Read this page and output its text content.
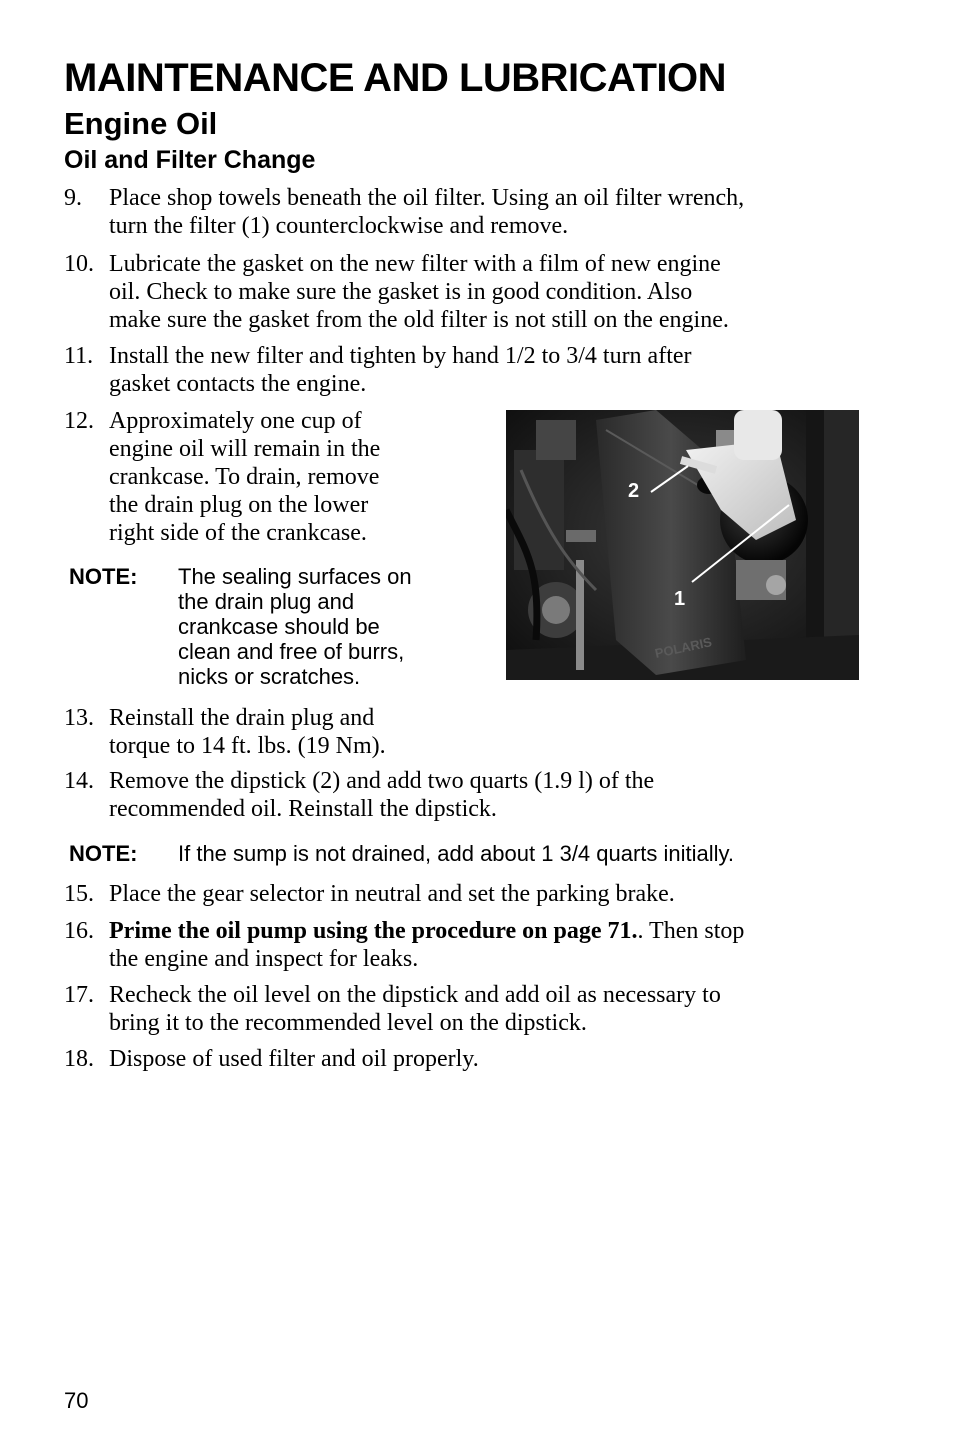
MAINTENANCE AND LUBRICATION
Engine Oil
Oil and Filter Change
9.	Place shop towels beneath the oil filter. Using an oil filter wrench,
turn the filter (1) counterclockwise and remove.
10. Lubricate the gasket on the new filter with a film of new engine
oil. Check to make sure the gasket is in good condition. Also
make sure the gasket from the old filter is not still on the engine.
11. Install the new filter and tighten by hand 1/2 to 3/4 turn after
gasket contacts the engine.
12. Approximately one cup of
engine oil will remain in the
crankcase. To drain, remove
the drain plug on the lower
right side of the crankcase.
NOTE: The sealing surfaces on
the drain plug and
crankcase should be
clean and free of burrs,
nicks or scratches.
2
1
POLARIS
13. Reinstall the drain plug and
torque to 14 ft. lbs. (19 Nm).
14. Remove the dipstick (2) and add two quarts (1.9 l) of the
recommended oil. Reinstall the dipstick.
NOTE: If the sump is not drained, add about 1 3/4 quarts initially.
15. Place the gear selector in neutral and set the parking brake.
16. Prime the oil pump using the procedure on page 71.. Then stop
the engine and inspect for leaks.
17. Recheck the oil level on the dipstick and add oil as necessary to
bring it to the recommended level on the dipstick.
18. Dispose of used filter and oil properly.
70
